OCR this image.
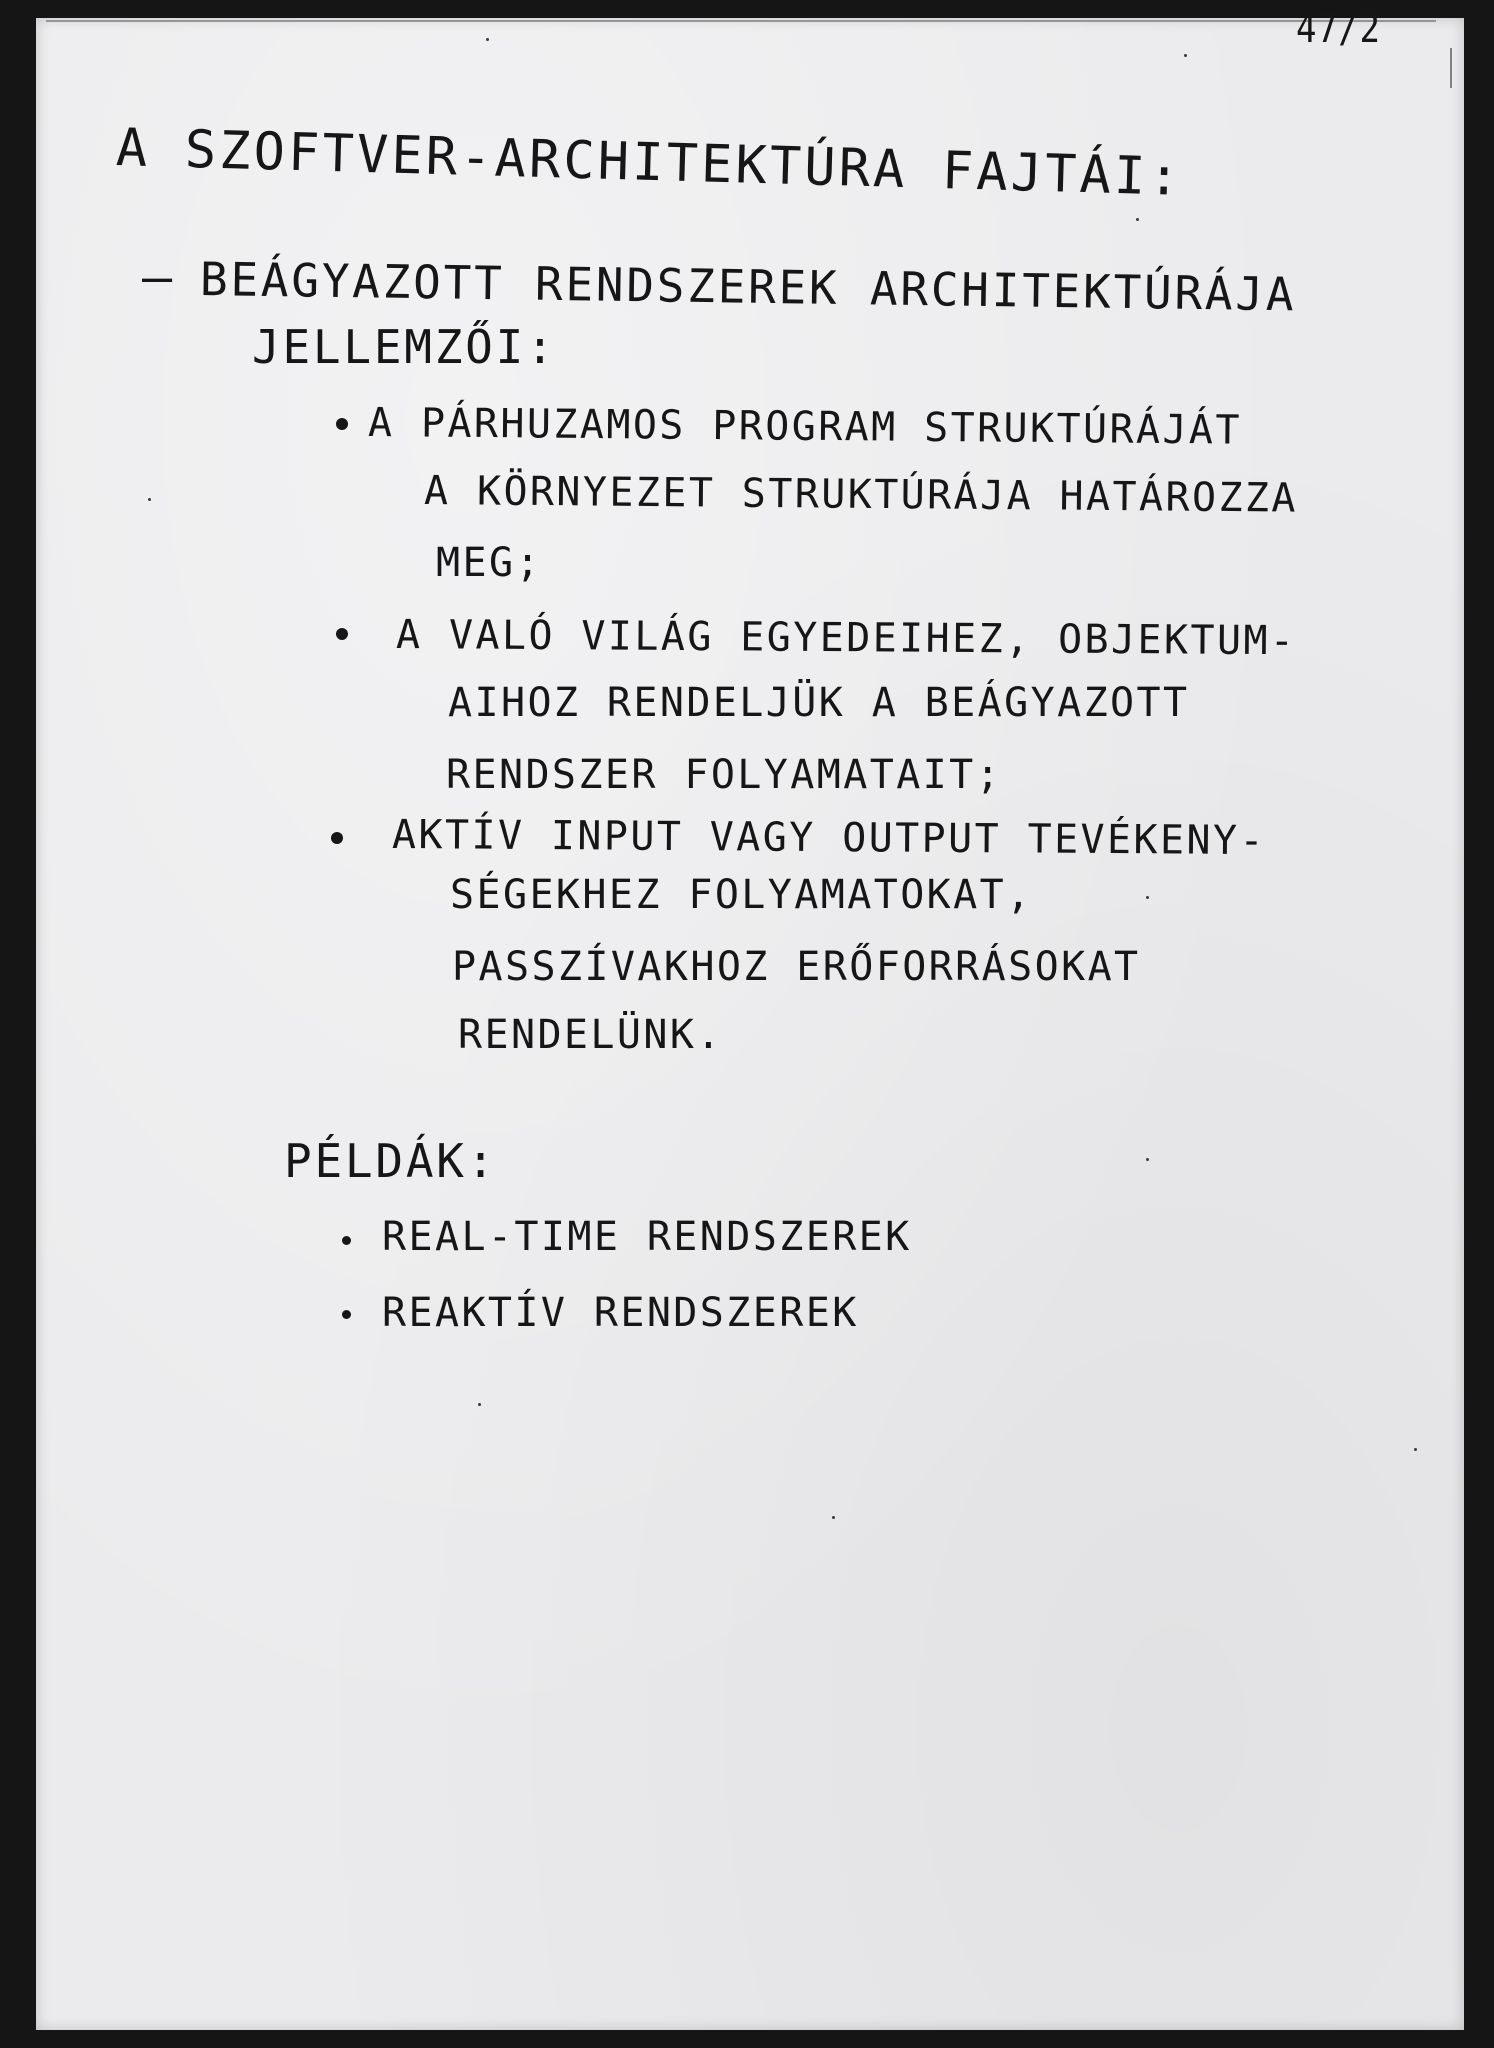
47/2
A SZOFTVER-ARCHITEKTÚRA FAJTÁI:
– BEÁGYAZOTT RENDSZEREK ARCHITEKTÚRÁJA
JELLEMZŐI:
A PÁRHUZAMOS PROGRAM STRUKTÚRÁJÁT
A KÖRNYEZET STRUKTÚRÁJA HATÁROZZA
MEG;
A VALÓ VILÁG EGYEDEIHEZ, OBJEKTUM-
AIHOZ RENDELJÜK A BEÁGYAZOTT
RENDSZER FOLYAMATAIT;
AKTÍV INPUT VAGY OUTPUT TEVÉKENY-
SÉGEKHEZ FOLYAMATOKAT,
PASSZÍVAKHOZ ERŐFORRÁSOKAT
RENDELÜNK.
PÉLDÁK:
REAL-TIME RENDSZEREK
REAKTÍV RENDSZEREK
